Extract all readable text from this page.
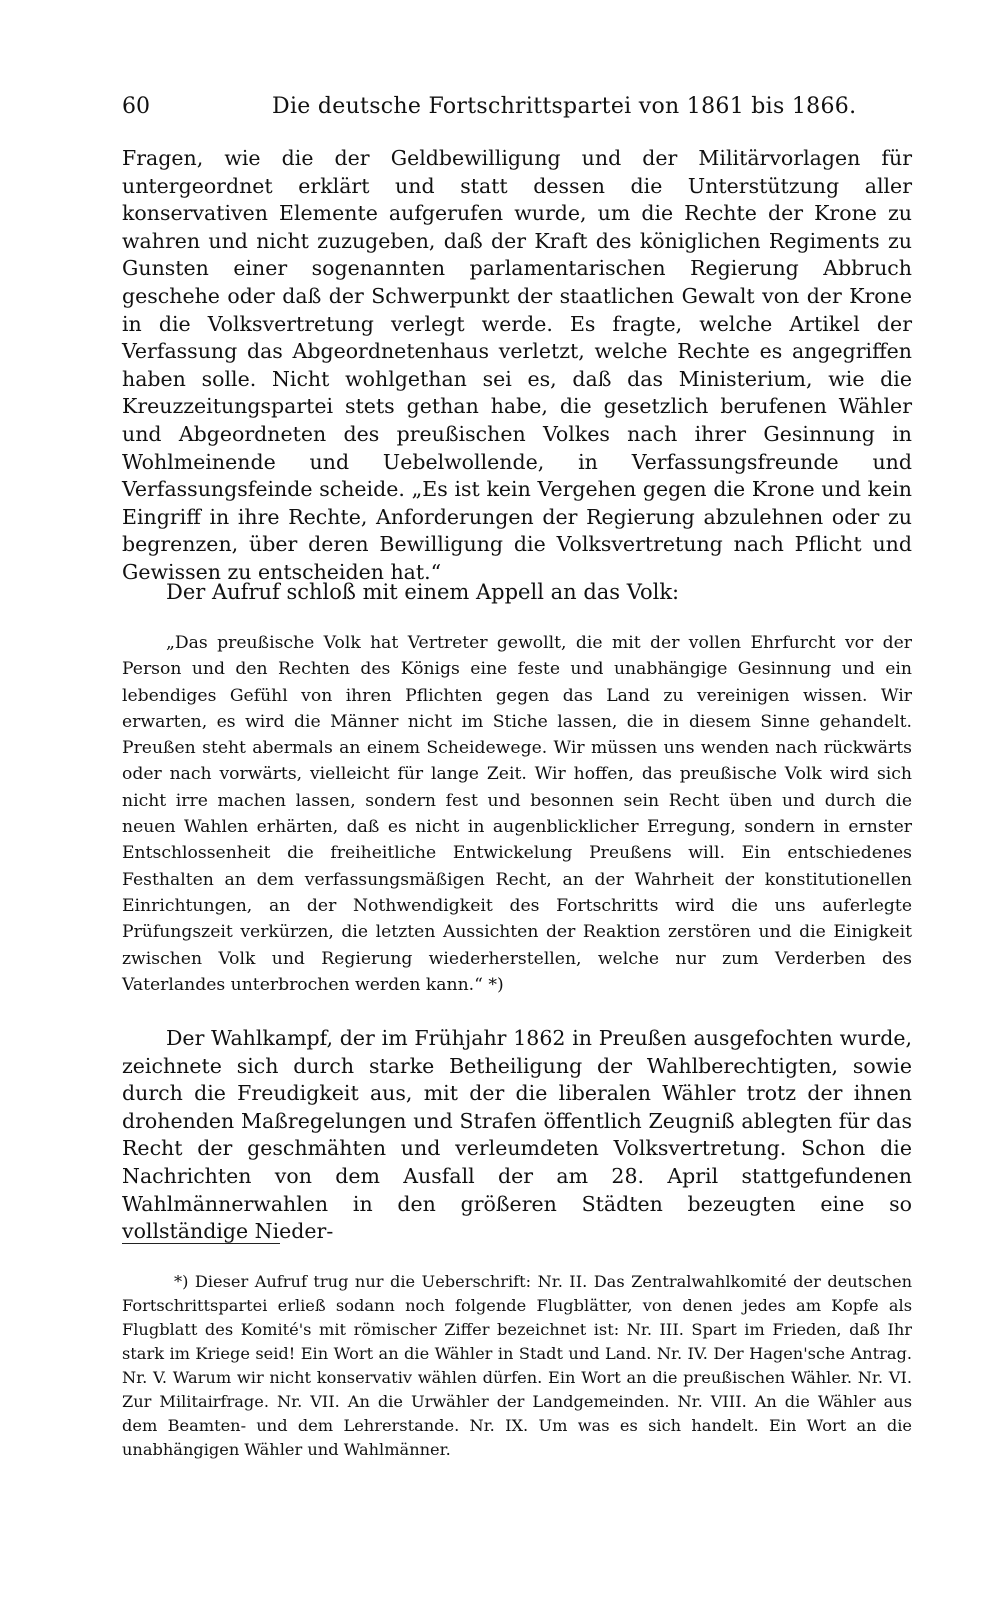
60	Die deutsche Fortschrittspartei von 1861 bis 1866.

Fragen, wie die der Geldbewilligung und der Militärvorlagen für untergeordnet erklärt und statt dessen die Unterstützung aller konservativen Elemente aufgerufen wurde, um die Rechte der Krone zu wahren und nicht zuzugeben, daß der Kraft des königlichen Regiments zu Gunsten einer sogenannten parlamentarischen Regierung Abbruch geschehe oder daß der Schwerpunkt der staatlichen Gewalt von der Krone in die Volksvertretung verlegt werde. Es fragte, welche Artikel der Verfassung das Abgeordnetenhaus verletzt, welche Rechte es angegriffen haben solle. Nicht wohlgethan sei es, daß das Ministerium, wie die Kreuzzeitungspartei stets gethan habe, die gesetzlich berufenen Wähler und Abgeordneten des preußischen Volkes nach ihrer Gesinnung in Wohlmeinende und Uebelwollende, in Verfassungsfreunde und Verfassungsfeinde scheide. „Es ist kein Vergehen gegen die Krone und kein Eingriff in ihre Rechte, Anforderungen der Regierung abzulehnen oder zu begrenzen, über deren Bewilligung die Volksvertretung nach Pflicht und Gewissen zu entscheiden hat.“

Der Aufruf schloß mit einem Appell an das Volk:

„Das preußische Volk hat Vertreter gewollt, die mit der vollen Ehrfurcht vor der Person und den Rechten des Königs eine feste und unabhängige Gesinnung und ein lebendiges Gefühl von ihren Pflichten gegen das Land zu vereinigen wissen. Wir erwarten, es wird die Männer nicht im Stiche lassen, die in diesem Sinne gehandelt. Preußen steht abermals an einem Scheidewege. Wir müssen uns wenden nach rückwärts oder nach vorwärts, vielleicht für lange Zeit. Wir hoffen, das preußische Volk wird sich nicht irre machen lassen, sondern fest und besonnen sein Recht üben und durch die neuen Wahlen erhärten, daß es nicht in augenblicklicher Erregung, sondern in ernster Entschlossenheit die freiheitliche Entwickelung Preußens will. Ein entschiedenes Festhalten an dem verfassungsmäßigen Recht, an der Wahrheit der konstitutionellen Einrichtungen, an der Nothwendigkeit des Fortschritts wird die uns auferlegte Prüfungszeit verkürzen, die letzten Aussichten der Reaktion zerstören und die Einigkeit zwischen Volk und Regierung wiederherstellen, welche nur zum Verderben des Vaterlandes unterbrochen werden kann.“ *)
Der Wahlkampf, der im Frühjahr 1862 in Preußen ausgefochten wurde, zeichnete sich durch starke Betheiligung der Wahlberechtigten, sowie durch die Freudigkeit aus, mit der die liberalen Wähler trotz der ihnen drohenden Maßregelungen und Strafen öffentlich Zeugniß ablegten für das Recht der geschmähten und verleumdeten Volksvertretung. Schon die Nachrichten von dem Ausfall der am 28. April stattgefundenen Wahlmännerwahlen in den größeren Städten bezeugten eine so vollständige Nieder-
*) Dieser Aufruf trug nur die Ueberschrift: Nr. II. Das Zentralwahlkomité der deutschen Fortschrittspartei erließ sodann noch folgende Flugblätter, von denen jedes am Kopfe als Flugblatt des Komité's mit römischer Ziffer bezeichnet ist: Nr. III. Spart im Frieden, daß Ihr stark im Kriege seid! Ein Wort an die Wähler in Stadt und Land. Nr. IV. Der Hagen'sche Antrag. Nr. V. Warum wir nicht konservativ wählen dürfen. Ein Wort an die preußischen Wähler. Nr. VI. Zur Militairfrage. Nr. VII. An die Urwähler der Landgemeinden. Nr. VIII. An die Wähler aus dem Beamten- und dem Lehrerstande. Nr. IX. Um was es sich handelt. Ein Wort an die unabhängigen Wähler und Wahlmänner.
